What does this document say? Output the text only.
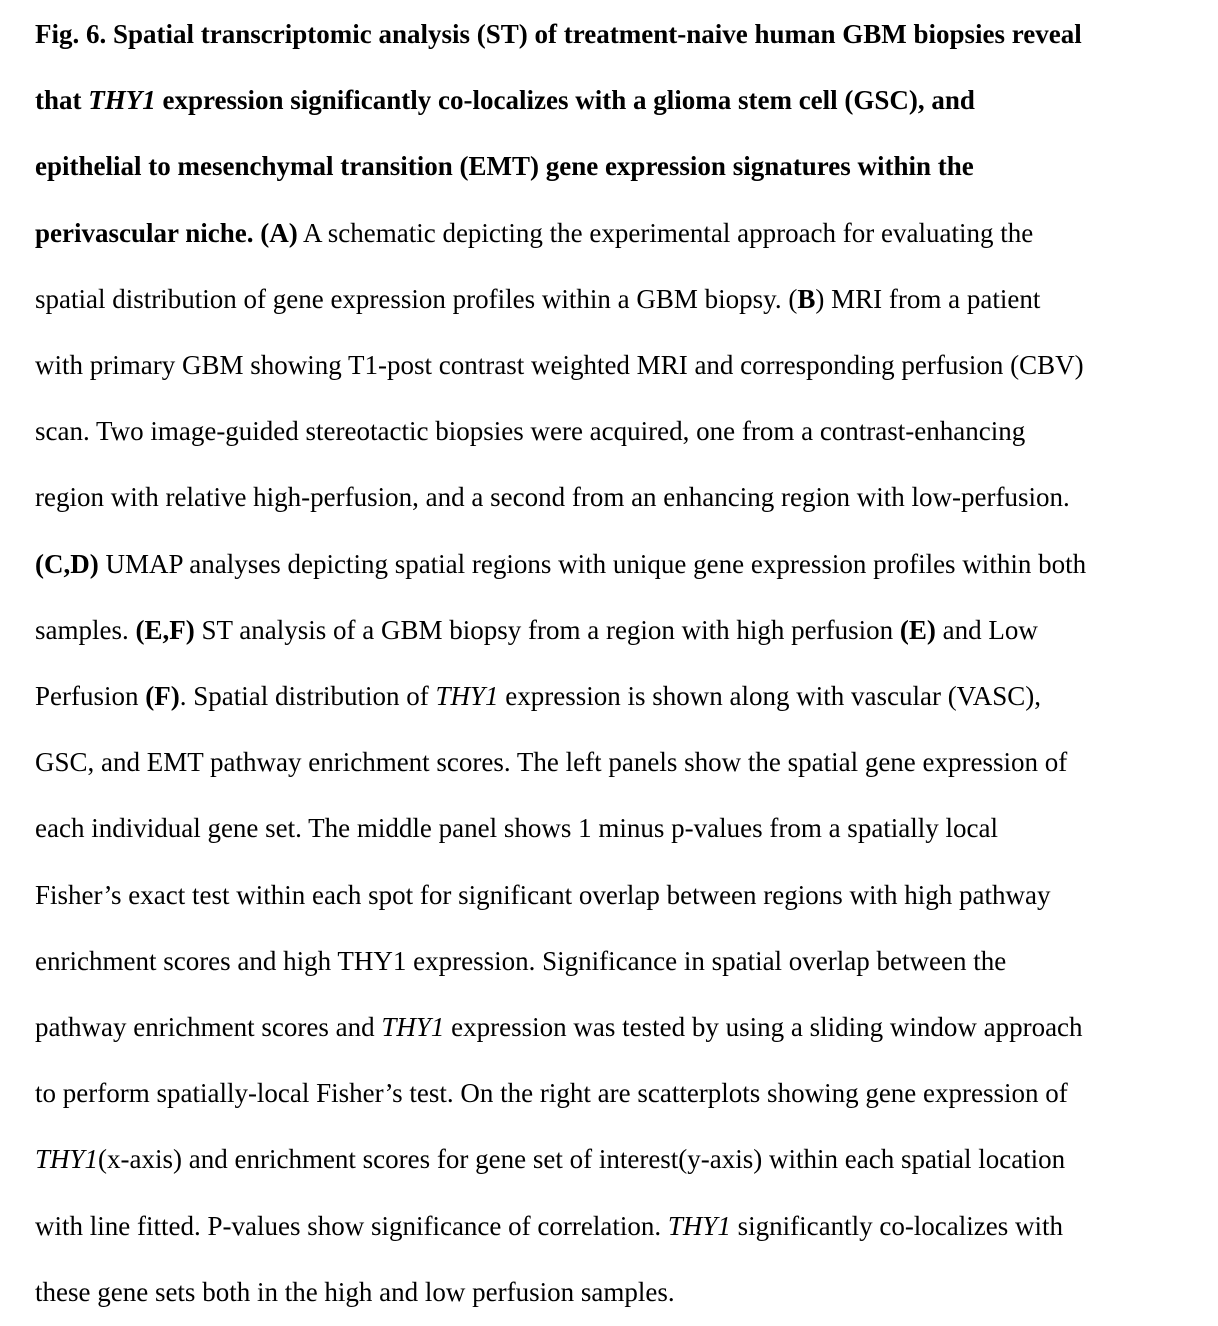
Fig. 6. Spatial transcriptomic analysis (ST) of treatment-naive human GBM biopsies reveal
that THY1 expression significantly co-localizes with a glioma stem cell (GSC), and
epithelial to mesenchymal transition (EMT) gene expression signatures within the
perivascular niche. (A) A schematic depicting the experimental approach for evaluating the
spatial distribution of gene expression profiles within a GBM biopsy. (B) MRI from a patient
with primary GBM showing T1-post contrast weighted MRI and corresponding perfusion (CBV)
scan. Two image-guided stereotactic biopsies were acquired, one from a contrast-enhancing
region with relative high-perfusion, and a second from an enhancing region with low-perfusion.
(C,D) UMAP analyses depicting spatial regions with unique gene expression profiles within both
samples. (E,F) ST analysis of a GBM biopsy from a region with high perfusion (E) and Low
Perfusion (F). Spatial distribution of THY1 expression is shown along with vascular (VASC),
GSC, and EMT pathway enrichment scores. The left panels show the spatial gene expression of
each individual gene set. The middle panel shows 1 minus p-values from a spatially local
Fisher’s exact test within each spot for significant overlap between regions with high pathway
enrichment scores and high THY1 expression. Significance in spatial overlap between the
pathway enrichment scores and THY1 expression was tested by using a sliding window approach
to perform spatially-local Fisher’s test. On the right are scatterplots showing gene expression of
THY1(x-axis) and enrichment scores for gene set of interest(y-axis) within each spatial location
with line fitted. P-values show significance of correlation. THY1 significantly co-localizes with
these gene sets both in the high and low perfusion samples.
